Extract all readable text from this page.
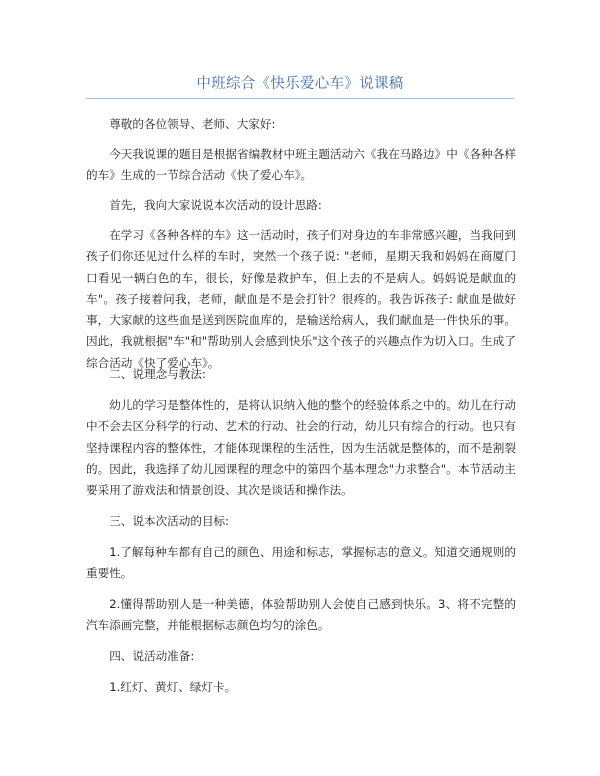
中班综合《快乐爱心车》说课稿

尊敬的各位领导、老师、大家好:

今天我说课的题目是根据省编教材中班主题活动六《我在马路边》中《各种各样的车》生成的一节综合活动《快了爱心车》。

首先，我向大家说说本次活动的设计思路:

在学习《各种各样的车》这一活动时，孩子们对身边的车非常感兴趣，当我问到孩子们你还见过什么样的车时，突然一个孩子说: "老师，星期天我和妈妈在商厦门口看见一辆白色的车，很长，好像是救护车，但上去的不是病人。妈妈说是献血的车"。孩子接着问我，老师，献血是不是会打针？很疼的。我告诉孩子: 献血是做好事，大家献的这些血是送到医院血库的，是输送给病人，我们献血是一件快乐的事。因此，我就根据"车"和"帮助别人会感到快乐"这个孩子的兴趣点作为切入口。生成了综合活动《快了爱心车》。

二、说理念与教法:

幼儿的学习是整体性的，是将认识纳入他的整个的经验体系之中的。幼儿在行动中不会去区分科学的行动、艺术的行动、社会的行动，幼儿只有综合的行动。也只有坚持课程内容的整体性，才能体现课程的生活性，因为生活就是整体的，而不是割裂的。因此，我选择了幼儿园课程的理念中的第四个基本理念"力求整合"。本节活动主要采用了游戏法和情景创设、其次是谈话和操作法。

三、说本次活动的目标:

1.了解每种车都有自己的颜色、用途和标志，掌握标志的意义。知道交通规则的重要性。

2.懂得帮助别人是一种美德，体验帮助别人会使自己感到快乐。3、将不完整的汽车添画完整，并能根据标志颜色均匀的涂色。

四、说活动准备:

1.红灯、黄灯、绿灯卡。
